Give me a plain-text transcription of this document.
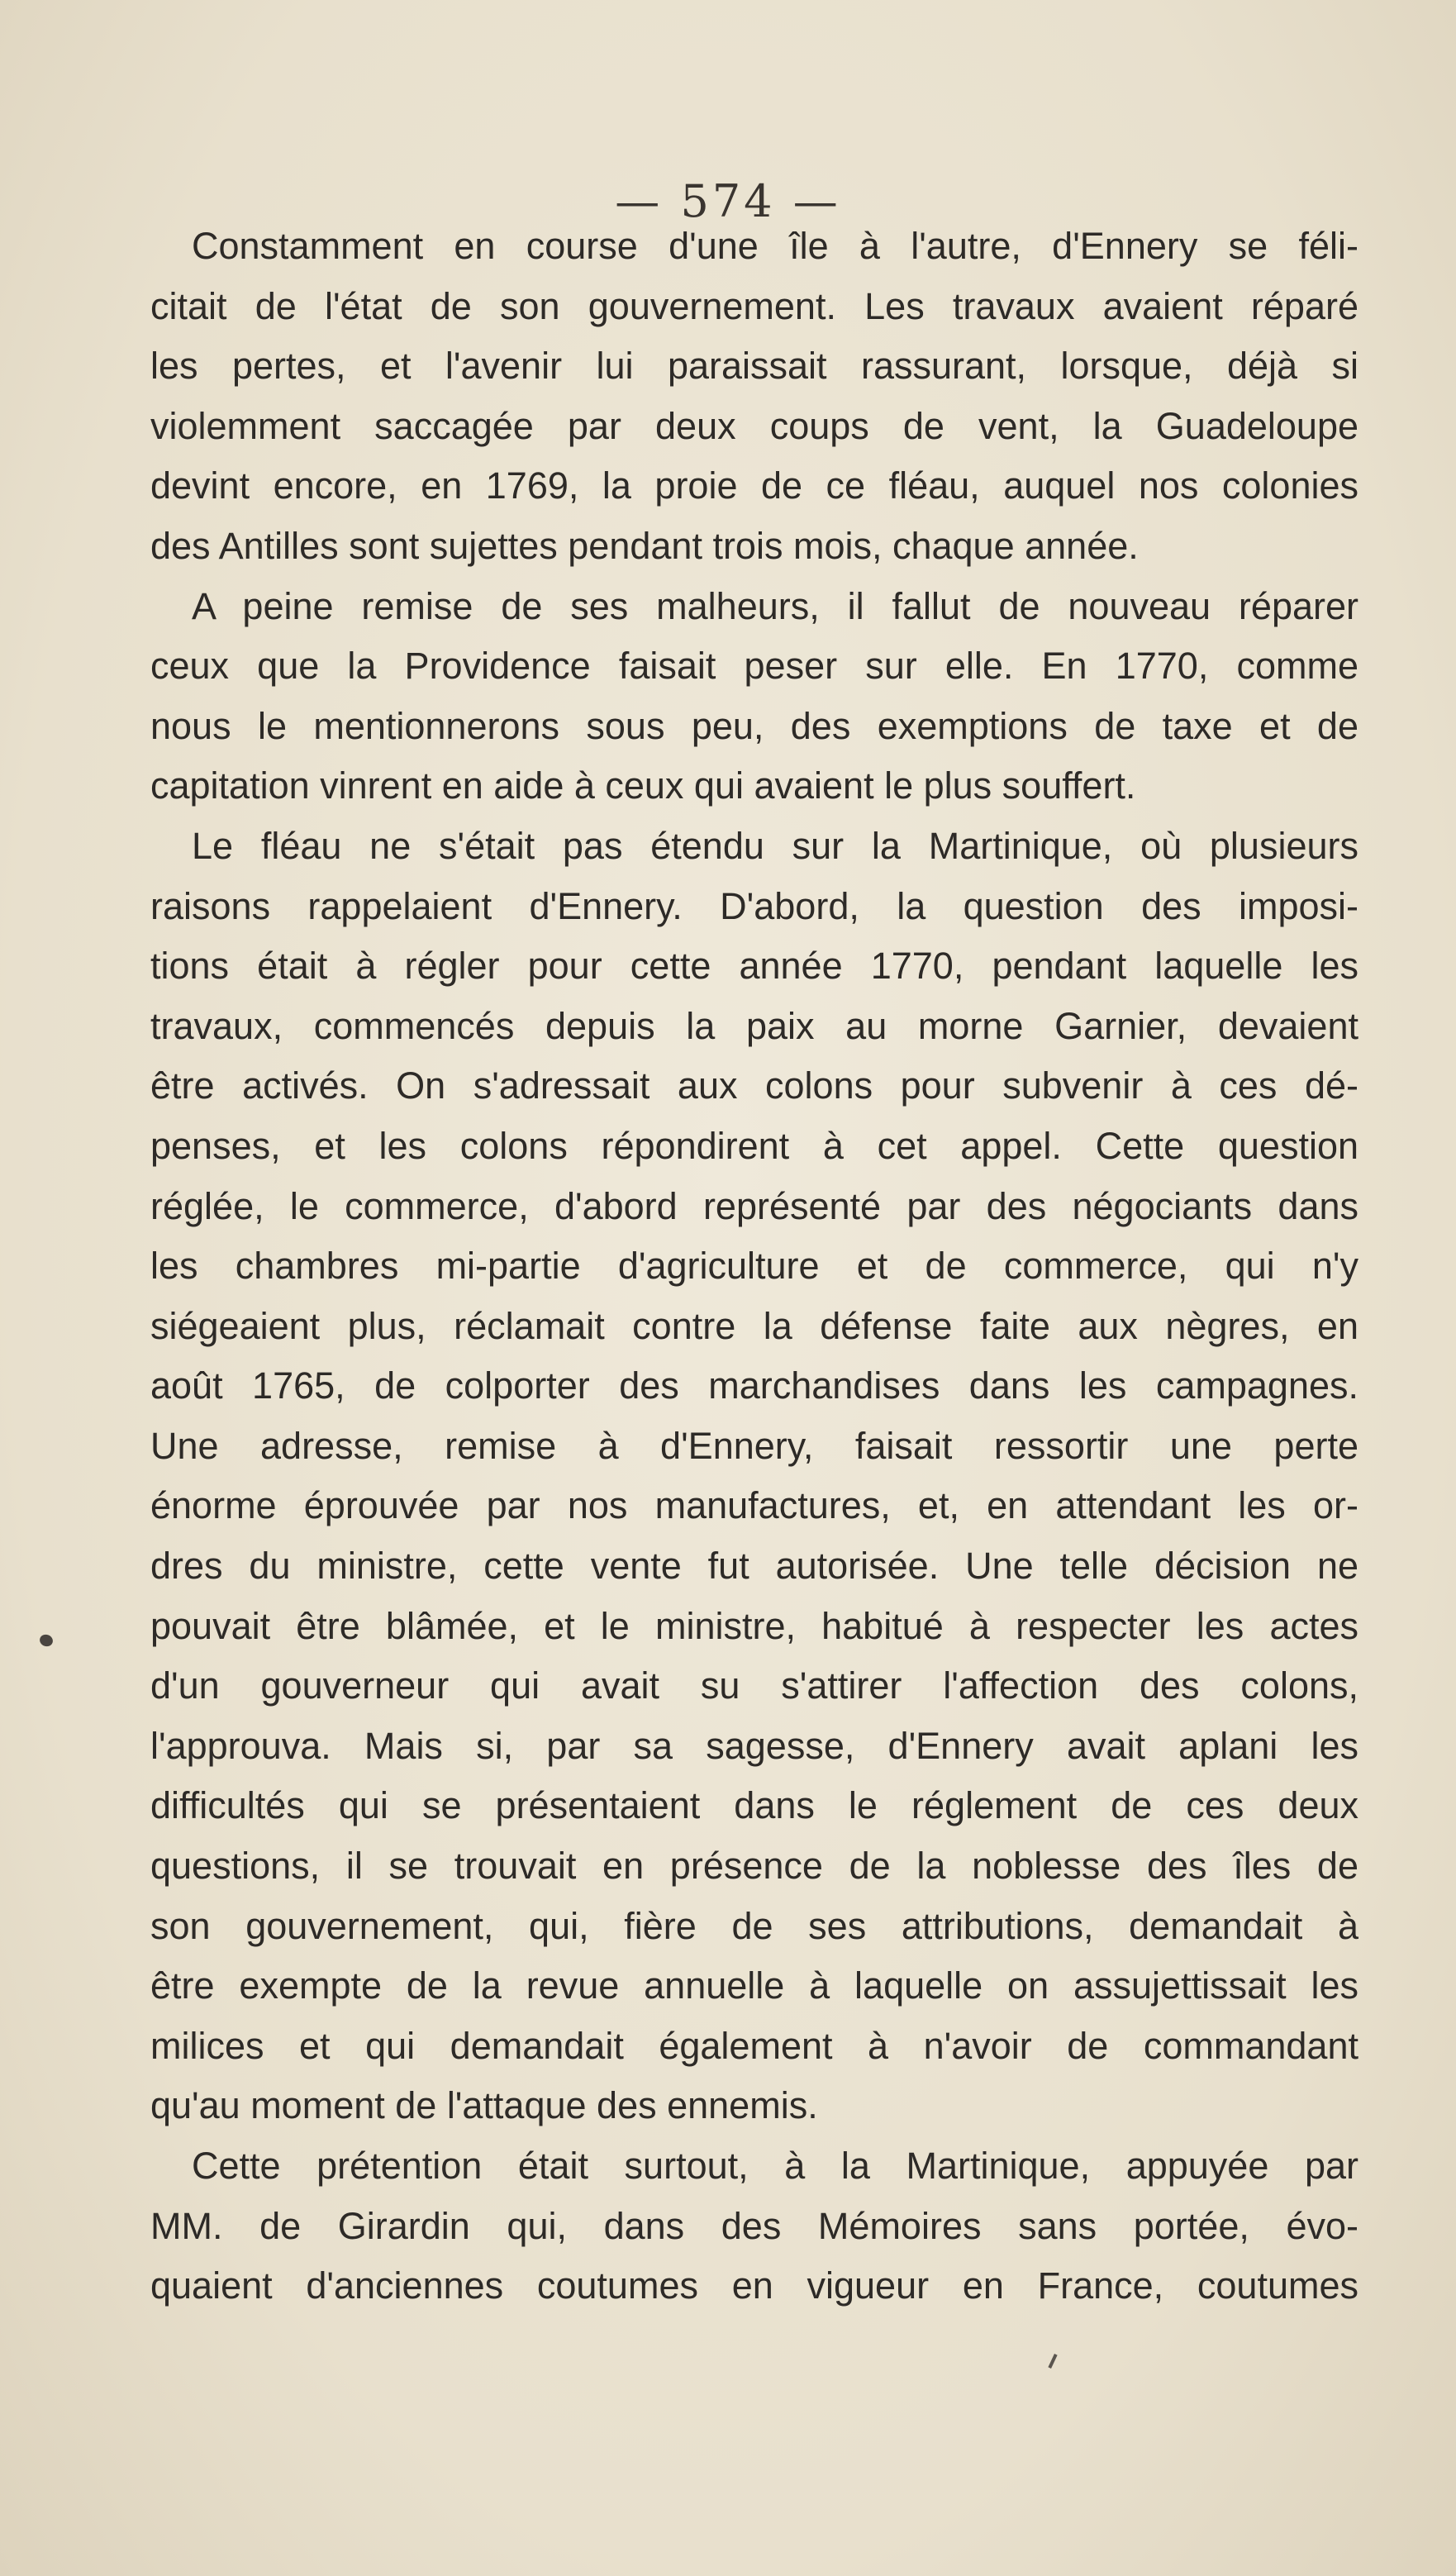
— 574 —
Constamment en course d'une île à l'autre, d'Ennery se féli-
citait de l'état de son gouvernement. Les travaux avaient réparé
les pertes, et l'avenir lui paraissait rassurant, lorsque, déjà si
violemment saccagée par deux coups de vent, la Guadeloupe
devint encore, en 1769, la proie de ce fléau, auquel nos colonies
des Antilles sont sujettes pendant trois mois, chaque année.
A peine remise de ses malheurs, il fallut de nouveau réparer
ceux que la Providence faisait peser sur elle. En 1770, comme
nous le mentionnerons sous peu, des exemptions de taxe et de
capitation vinrent en aide à ceux qui avaient le plus souffert.
Le fléau ne s'était pas étendu sur la Martinique, où plusieurs
raisons rappelaient d'Ennery. D'abord, la question des imposi-
tions était à régler pour cette année 1770, pendant laquelle les
travaux, commencés depuis la paix au morne Garnier, devaient
être activés. On s'adressait aux colons pour subvenir à ces dé-
penses, et les colons répondirent à cet appel. Cette question
réglée, le commerce, d'abord représenté par des négociants dans
les chambres mi-partie d'agriculture et de commerce, qui n'y
siégeaient plus, réclamait contre la défense faite aux nègres, en
août 1765, de colporter des marchandises dans les campagnes.
Une adresse, remise à d'Ennery, faisait ressortir une perte
énorme éprouvée par nos manufactures, et, en attendant les or-
dres du ministre, cette vente fut autorisée. Une telle décision ne
pouvait être blâmée, et le ministre, habitué à respecter les actes
d'un gouverneur qui avait su s'attirer l'affection des colons,
l'approuva. Mais si, par sa sagesse, d'Ennery avait aplani les
difficultés qui se présentaient dans le réglement de ces deux
questions, il se trouvait en présence de la noblesse des îles de
son gouvernement, qui, fière de ses attributions, demandait à
être exempte de la revue annuelle à laquelle on assujettissait les
milices et qui demandait également à n'avoir de commandant
qu'au moment de l'attaque des ennemis.
Cette prétention était surtout, à la Martinique, appuyée par
MM. de Girardin qui, dans des Mémoires sans portée, évo-
quaient d'anciennes coutumes en vigueur en France, coutumes
